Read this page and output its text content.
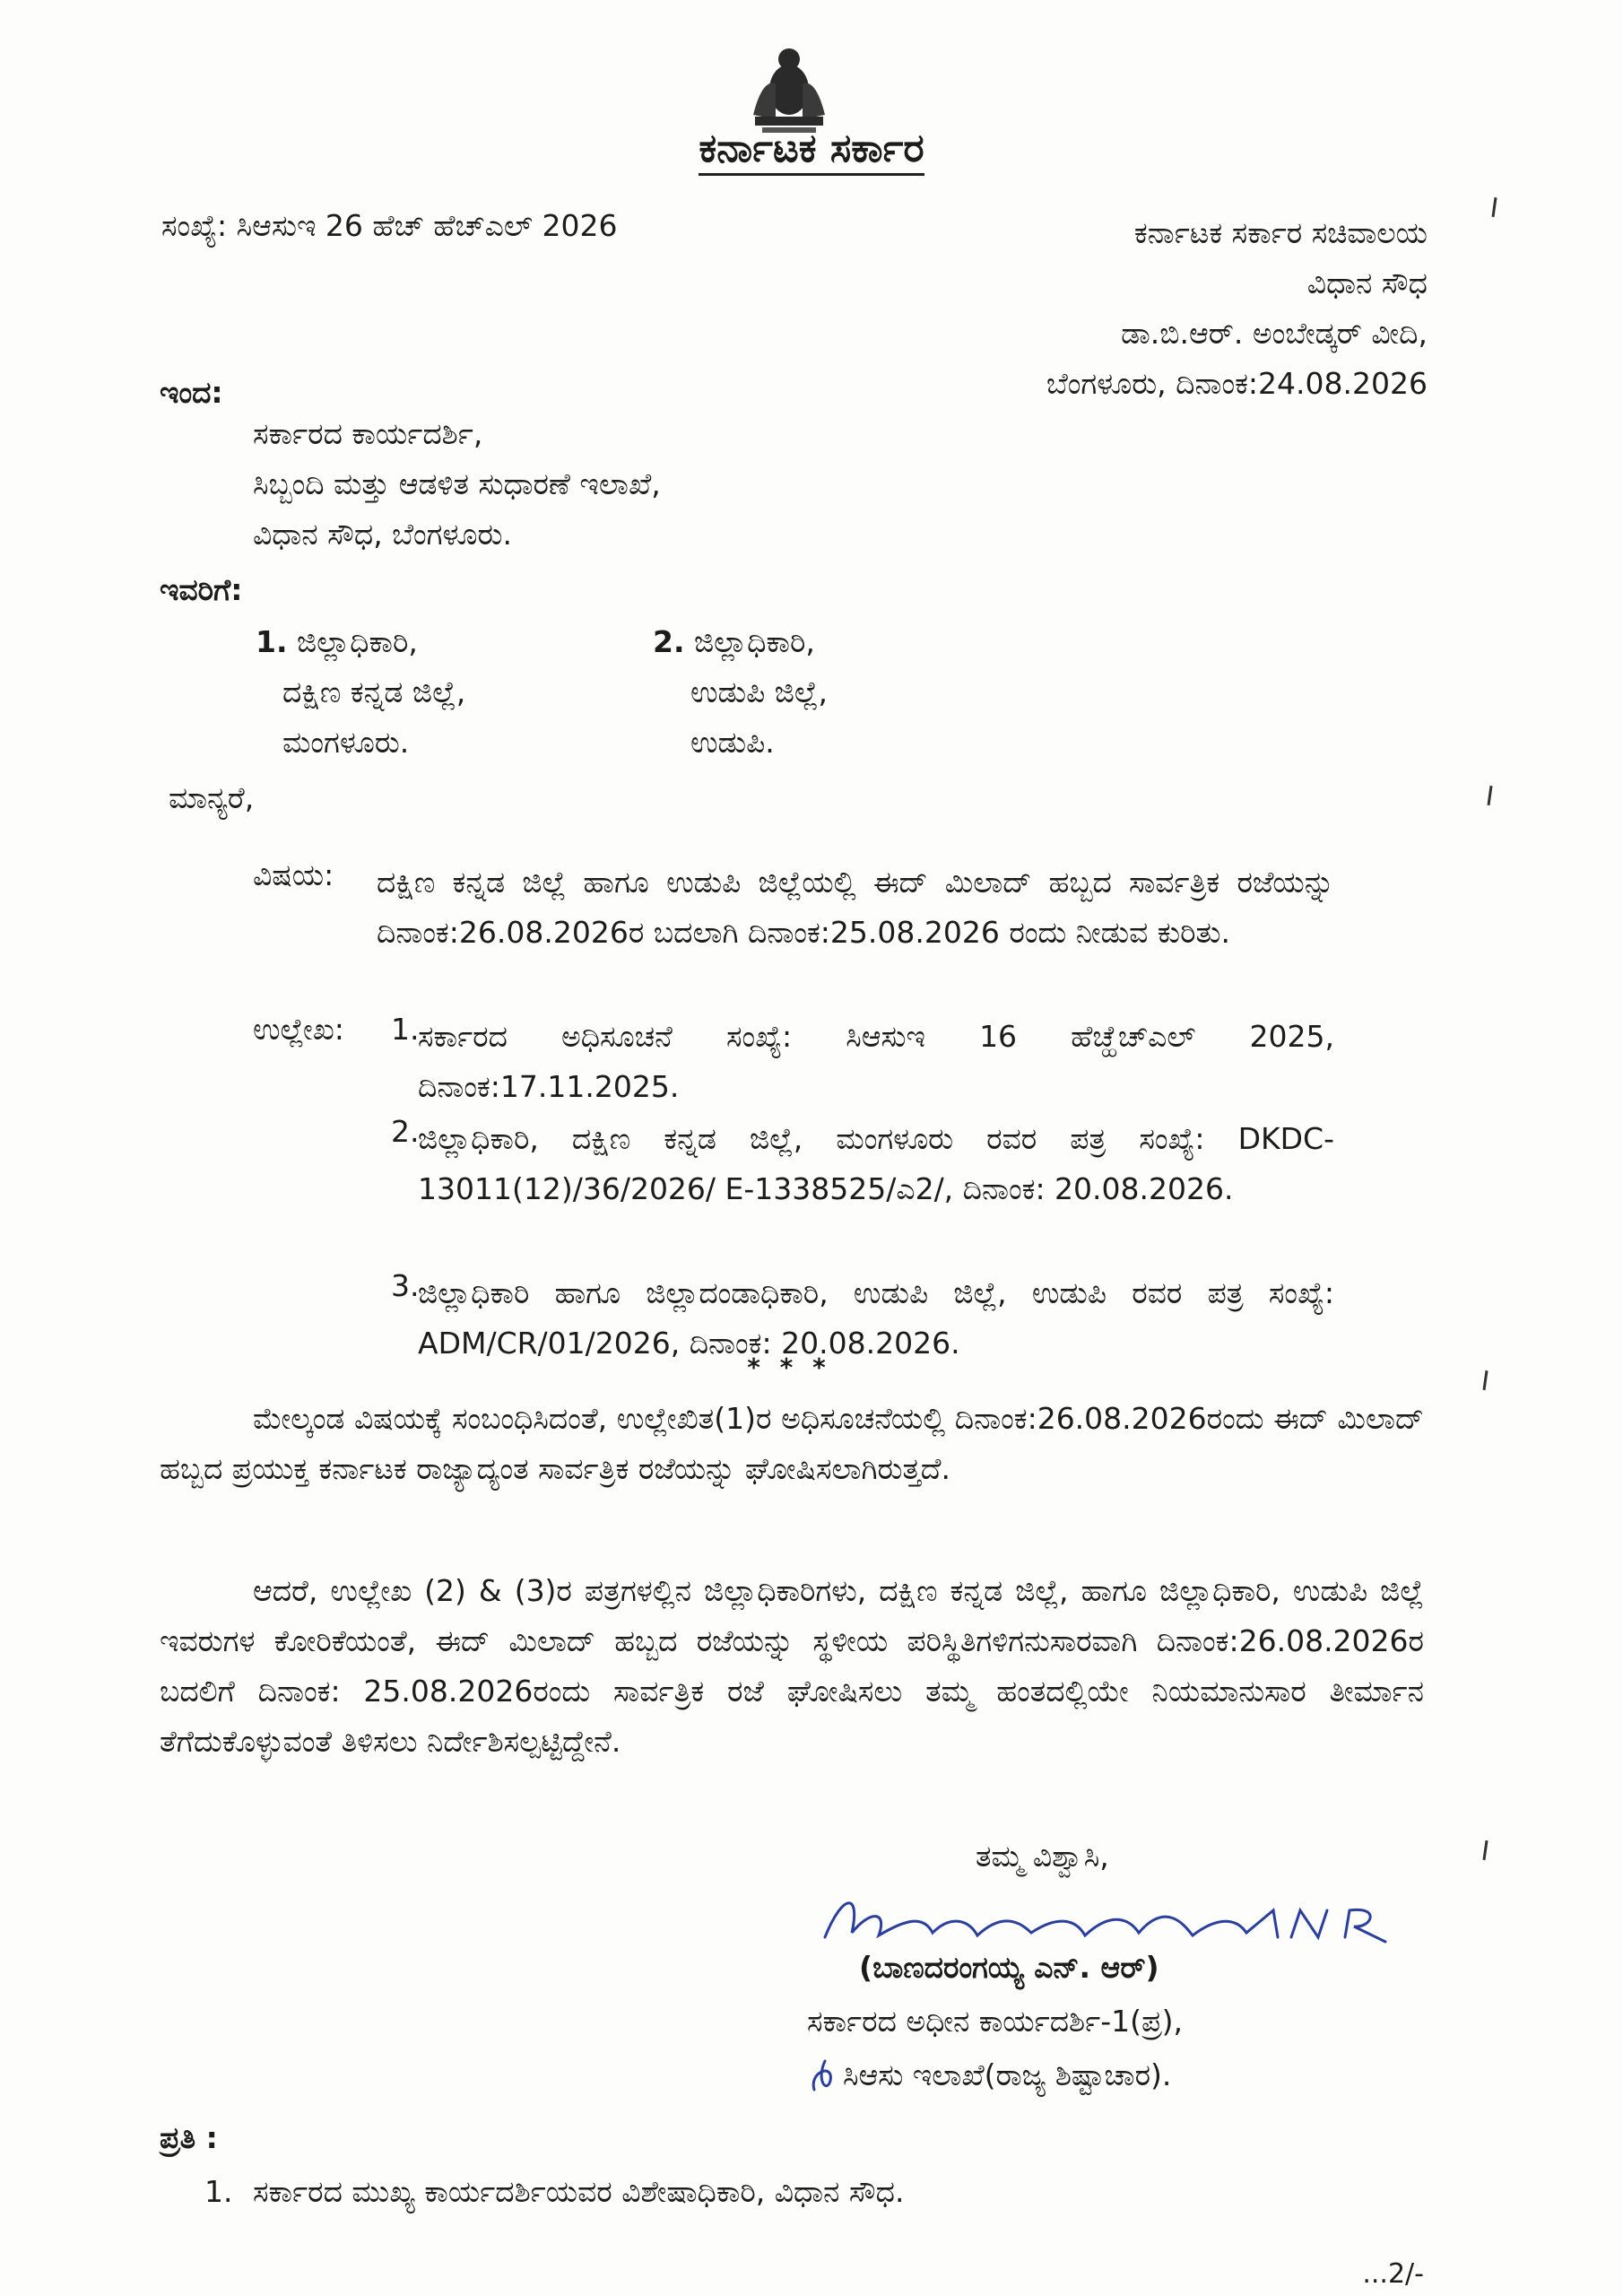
ಕರ್ನಾಟಕ ಸರ್ಕಾರ
ಸಂಖ್ಯೆ: ಸಿಆಸುಇ 26 ಹೆಚ್ ಹೆಚ್ಎಲ್ 2026	ಕರ್ನಾಟಕ ಸರ್ಕಾರ ಸಚಿವಾಲಯ
ವಿಧಾನ ಸೌಧ
ಡಾ.ಬಿ.ಆರ್. ಅಂಬೇಡ್ಕರ್ ವೀದಿ,
ಬೆಂಗಳೂರು, ದಿನಾಂಕ:24.08.2026
ಇಂದ:
ಸರ್ಕಾರದ ಕಾರ್ಯದರ್ಶಿ,
ಸಿಬ್ಬಂದಿ ಮತ್ತು ಆಡಳಿತ ಸುಧಾರಣೆ ಇಲಾಖೆ,
ವಿಧಾನ ಸೌಧ, ಬೆಂಗಳೂರು.
ಇವರಿಗೆ:
1. ಜಿಲ್ಲಾಧಿಕಾರಿ,
ದಕ್ಷಿಣ ಕನ್ನಡ ಜಿಲ್ಲೆ,
ಮಂಗಳೂರು.
2. ಜಿಲ್ಲಾಧಿಕಾರಿ,
ಉಡುಪಿ ಜಿಲ್ಲೆ,
ಉಡುಪಿ.
ಮಾನ್ಯರೆ,
ವಿಷಯ: ದಕ್ಷಿಣ ಕನ್ನಡ ಜಿಲ್ಲೆ ಹಾಗೂ ಉಡುಪಿ ಜಿಲ್ಲೆಯಲ್ಲಿ ಈದ್ ಮಿಲಾದ್ ಹಬ್ಬದ ಸಾರ್ವತ್ರಿಕ ರಜೆಯನ್ನು ದಿನಾಂಕ:26.08.2026ರ ಬದಲಾಗಿ ದಿನಾಂಕ:25.08.2026 ರಂದು ನೀಡುವ ಕುರಿತು.
ಉಲ್ಲೇಖ: 1.
ಸರ್ಕಾರದ ಅಧಿಸೂಚನೆ ಸಂಖ್ಯೆ: ಸಿಆಸುಇ 16 ಹೆಚ್ಹೆಚ್ಎಲ್ 2025, ದಿನಾಂಕ:17.11.2025.
2.
ಜಿಲ್ಲಾಧಿಕಾರಿ, ದಕ್ಷಿಣ ಕನ್ನಡ ಜಿಲ್ಲೆ, ಮಂಗಳೂರು ರವರ ಪತ್ರ ಸಂಖ್ಯೆ: DKDC-13011(12)/36/2026/ E-1338525/ಎ2/, ದಿನಾಂಕ: 20.08.2026.
3.
ಜಿಲ್ಲಾಧಿಕಾರಿ ಹಾಗೂ ಜಿಲ್ಲಾದಂಡಾಧಿಕಾರಿ, ಉಡುಪಿ ಜಿಲ್ಲೆ, ಉಡುಪಿ ರವರ ಪತ್ರ ಸಂಖ್ಯೆ: ADM/CR/01/2026, ದಿನಾಂಕ: 20.08.2026.
* * *
ಮೇಲ್ಕಂಡ ವಿಷಯಕ್ಕೆ ಸಂಬಂಧಿಸಿದಂತೆ, ಉಲ್ಲೇಖಿತ(1)ರ ಅಧಿಸೂಚನೆಯಲ್ಲಿ ದಿನಾಂಕ:26.08.2026ರಂದು ಈದ್ ಮಿಲಾದ್ ಹಬ್ಬದ ಪ್ರಯುಕ್ತ ಕರ್ನಾಟಕ ರಾಜ್ಯಾದ್ಯಂತ ಸಾರ್ವತ್ರಿಕ ರಜೆಯನ್ನು ಘೋಷಿಸಲಾಗಿರುತ್ತದೆ.
ಆದರೆ, ಉಲ್ಲೇಖ (2) & (3)ರ ಪತ್ರಗಳಲ್ಲಿನ ಜಿಲ್ಲಾಧಿಕಾರಿಗಳು, ದಕ್ಷಿಣ ಕನ್ನಡ ಜಿಲ್ಲೆ, ಹಾಗೂ ಜಿಲ್ಲಾಧಿಕಾರಿ, ಉಡುಪಿ ಜಿಲ್ಲೆ ಇವರುಗಳ ಕೋರಿಕೆಯಂತೆ, ಈದ್ ಮಿಲಾದ್ ಹಬ್ಬದ ರಜೆಯನ್ನು ಸ್ಥಳೀಯ ಪರಿಸ್ಥಿತಿಗಳಿಗನುಸಾರವಾಗಿ ದಿನಾಂಕ:26.08.2026ರ ಬದಲಿಗೆ ದಿನಾಂಕ: 25.08.2026ರಂದು ಸಾರ್ವತ್ರಿಕ ರಜೆ ಘೋಷಿಸಲು ತಮ್ಮ ಹಂತದಲ್ಲಿಯೇ ನಿಯಮಾನುಸಾರ ತೀರ್ಮಾನ ತೆಗೆದುಕೊಳ್ಳುವಂತೆ ತಿಳಿಸಲು ನಿರ್ದೇಶಿಸಲ್ಪಟ್ಟಿದ್ದೇನೆ.
ತಮ್ಮ ವಿಶ್ವಾಸಿ,
(ಬಾಣದರಂಗಯ್ಯ ಎನ್. ಆರ್)
ಸರ್ಕಾರದ ಅಧೀನ ಕಾರ್ಯದರ್ಶಿ-1(ಪ್ರ),
ಸಿಆಸು ಇಲಾಖೆ(ರಾಜ್ಯ ಶಿಷ್ಟಾಚಾರ).
ಪ್ರತಿ :
1. ಸರ್ಕಾರದ ಮುಖ್ಯ ಕಾರ್ಯದರ್ಶಿಯವರ ವಿಶೇಷಾಧಿಕಾರಿ, ವಿಧಾನ ಸೌಧ.
...2/-
